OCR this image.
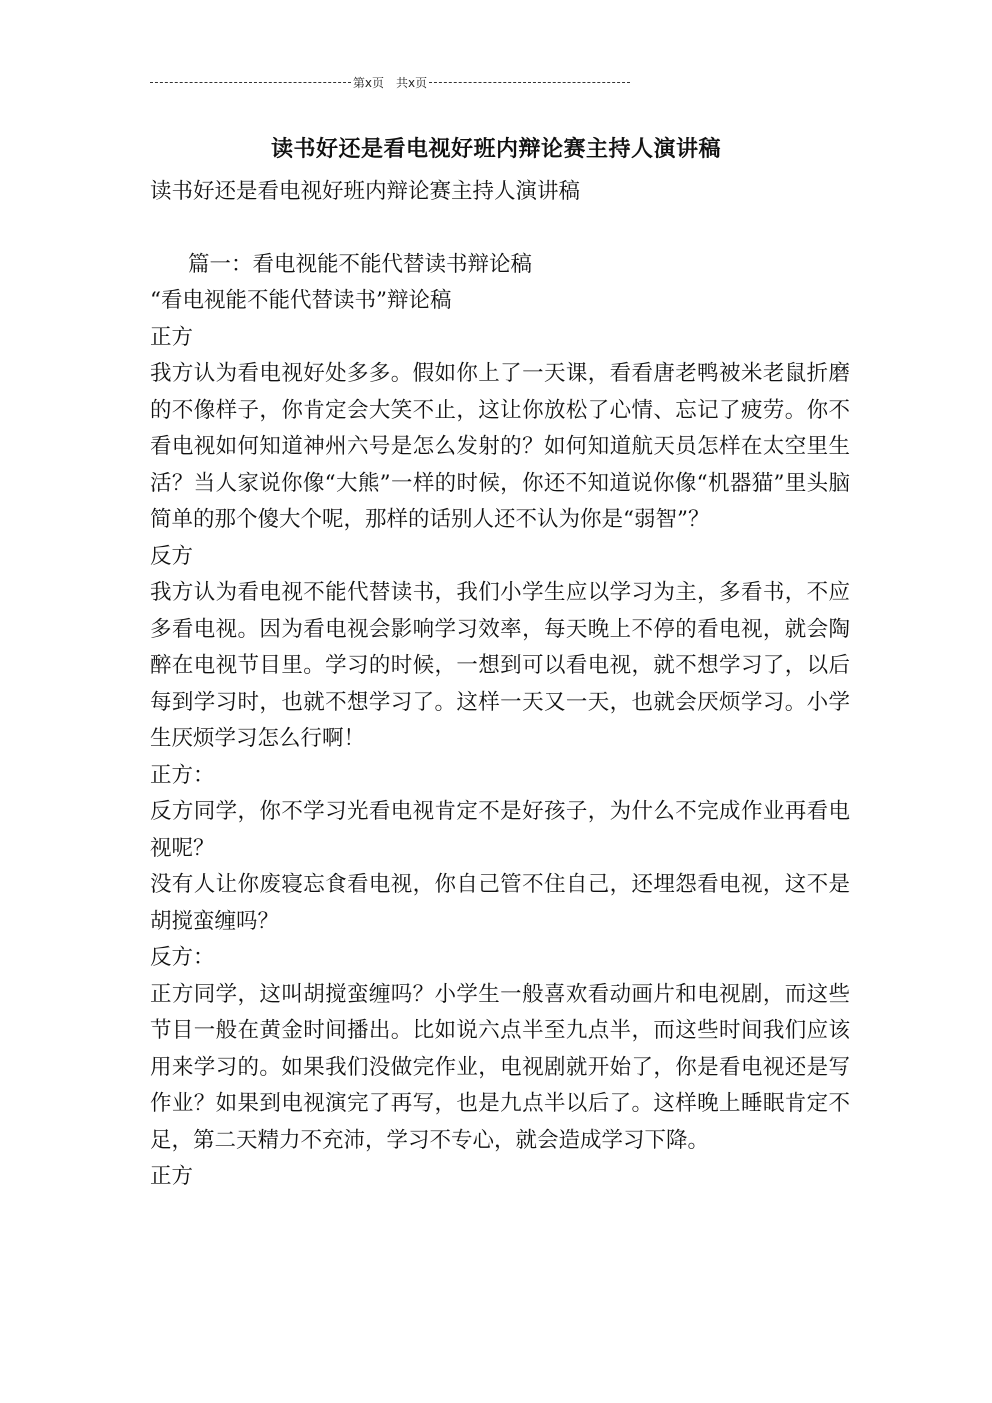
第x页　共x页
读书好还是看电视好班内辩论赛主持人演讲稿

读书好还是看电视好班内辩论赛主持人演讲稿

篇一：看电视能不能代替读书辩论稿

“看电视能不能代替读书”辩论稿

正方

我方认为看电视好处多多。假如你上了一天课，看看唐老鸭被米老鼠折磨的不像样子，你肯定会大笑不止，这让你放松了心情、忘记了疲劳。你不看电视如何知道神州六号是怎么发射的？如何知道航天员怎样在太空里生活？当人家说你像“大熊”一样的时候，你还不知道说你像“机器猫”里头脑简单的那个傻大个呢，那样的话别人还不认为你是“弱智”？

反方

我方认为看电视不能代替读书，我们小学生应以学习为主，多看书，不应多看电视。因为看电视会影响学习效率，每天晚上不停的看电视，就会陶醉在电视节目里。学习的时候，一想到可以看电视，就不想学习了，以后每到学习时，也就不想学习了。这样一天又一天，也就会厌烦学习。小学生厌烦学习怎么行啊！

正方：

反方同学，你不学习光看电视肯定不是好孩子，为什么不完成作业再看电视呢？

没有人让你废寝忘食看电视，你自己管不住自己，还埋怨看电视，这不是胡搅蛮缠吗？

反方：

正方同学，这叫胡搅蛮缠吗？小学生一般喜欢看动画片和电视剧，而这些节目一般在黄金时间播出。比如说六点半至九点半，而这些时间我们应该用来学习的。如果我们没做完作业，电视剧就开始了，你是看电视还是写作业？如果到电视演完了再写，也是九点半以后了。这样晚上睡眠肯定不足，第二天精力不充沛，学习不专心，就会造成学习下降。

正方
